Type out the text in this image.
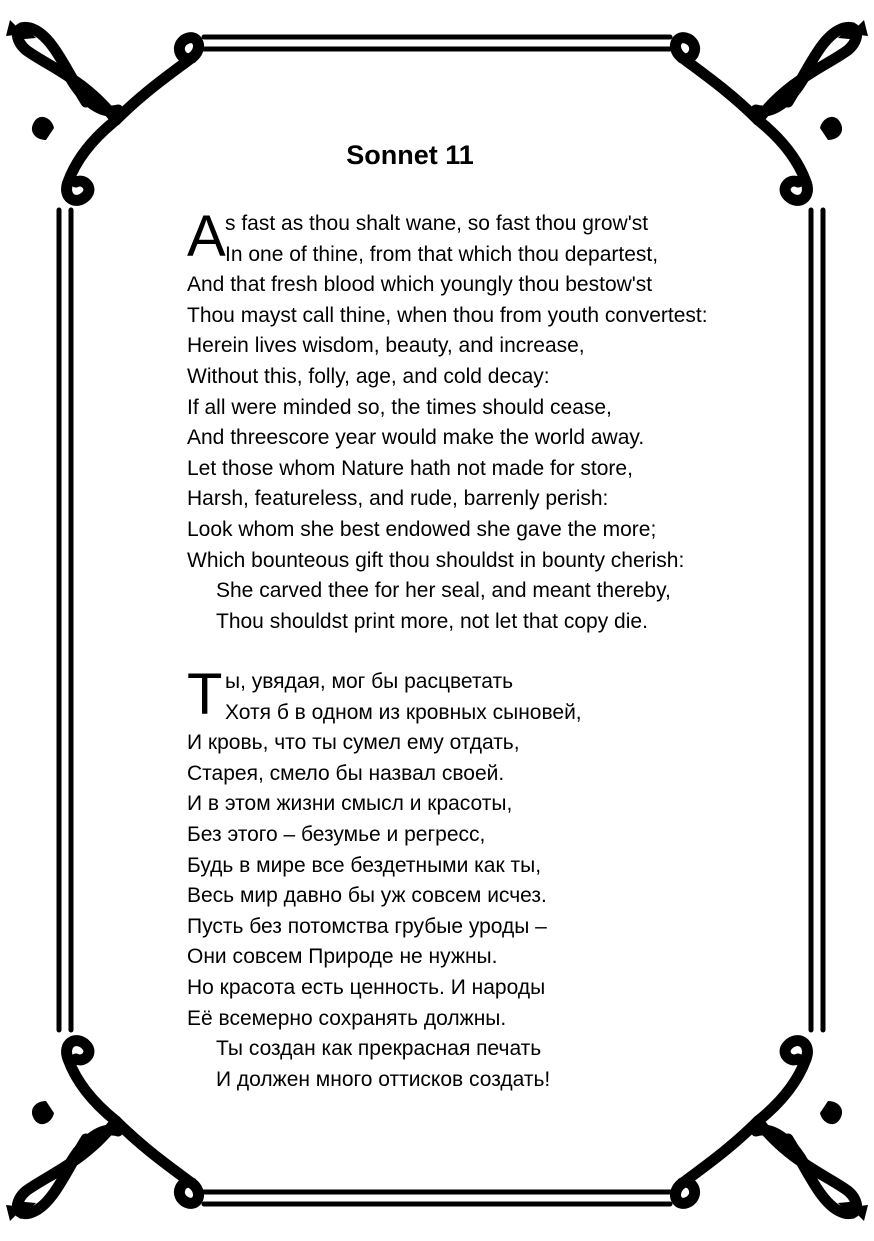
Sonnet 11
A s fast as thou shalt wane, so fast thou grow'st
In one of thine, from that which thou departest,
And that fresh blood which youngly thou bestow'st
Thou mayst call thine, when thou from youth convertest:
Herein lives wisdom, beauty, and increase,
Without this, folly, age, and cold decay:
If all were minded so, the times should cease,
And threescore year would make the world away.
Let those whom Nature hath not made for store,
Harsh, featureless, and rude, barrenly perish:
Look whom she best endowed she gave the more;
Which bounteous gift thou shouldst in bounty cherish:
She carved thee for her seal, and meant thereby,
Thou shouldst print more, not let that copy die.
Т ы, увядая, мог бы расцветать
Хотя б в одном из кровных сыновей,
И кровь, что ты сумел ему отдать,
Старея, смело бы назвал своей.
И в этом жизни смысл и красоты,
Без этого – безумье и регресс,
Будь в мире все бездетными как ты,
Весь мир давно бы уж совсем исчез.
Пусть без потомства грубые уроды –
Они совсем Природе не нужны.
Но красота есть ценность. И народы
Её всемерно сохранять должны.
Ты создан как прекрасная печать
И должен много оттисков создать!
